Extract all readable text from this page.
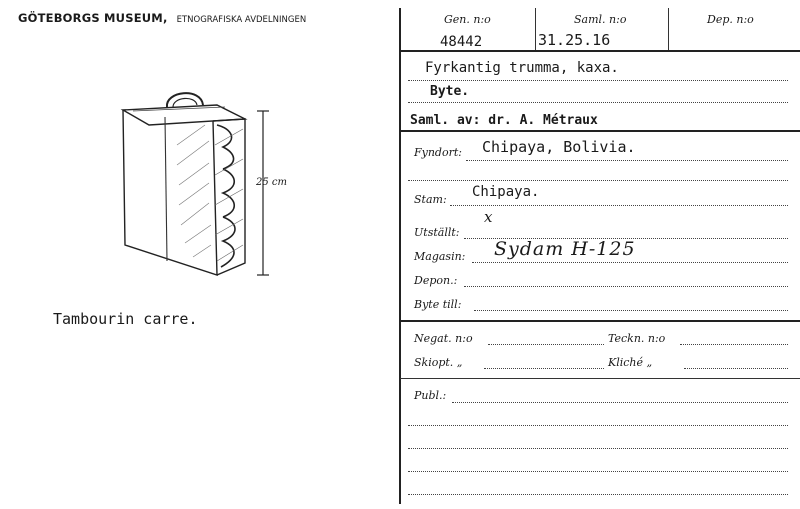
GÖTEBORGS MUSEUM, ETNOGRAFISKA AVDELNINGEN
25 cm
Tambourin carre.
Gen. n:o
48442
Saml. n:o
31.25.16
Dep. n:o
Fyrkantig trumma, kaxa.
Byte.
Saml. av: dr. A. Métraux
Fyndort: Chipaya, Bolivia.
Stam: Chipaya.
Utställt:
x
Magasin: Sydam H-125
Depon.:
Byte till:
Negat. n:o	Teckn. n:o
Skiopt. „	Kliché „
Publ.:
